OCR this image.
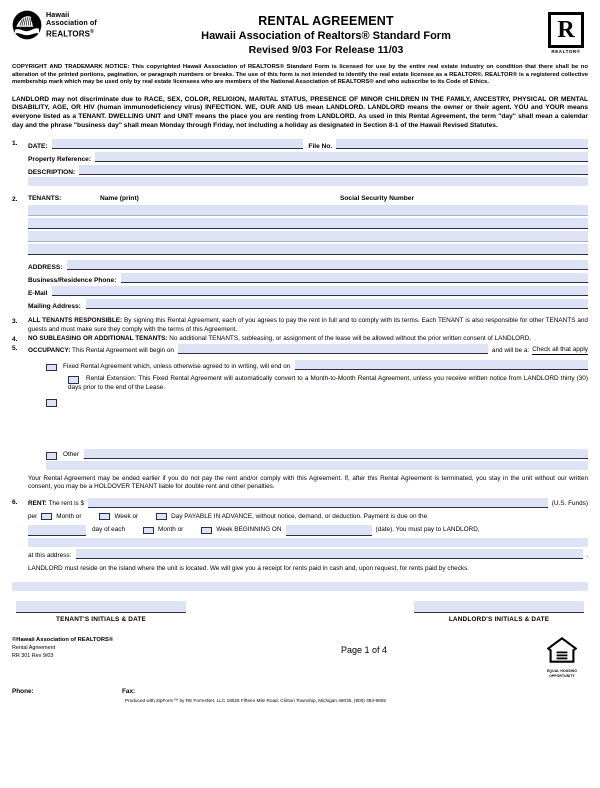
Hawaii
Association of
REALTORS®
RENTAL AGREEMENT
Hawaii Association of Realtors® Standard Form
Revised 9/03 For Release 11/03
R
REALTOR®
COPYRIGHT AND TRADEMARK NOTICE: This copyrighted Hawaii Association of REALTORS® Standard Form is licensed for use by the entire real estate industry on condition that there shall be no alteration of the printed portions, pagination, or paragraph numbers or breaks. The use of this form is not intended to identify the real estate licensee as a REALTOR®. REALTOR® is a registered collective membership mark which may be used only by real estate licensees who are members of the National Association of REALTORS® and who subscribe to its Code of Ethics.
LANDLORD may not discriminate due to RACE, SEX, COLOR, RELIGION, MARITAL STATUS, PRESENCE OF MINOR CHILDREN IN THE FAMILY, ANCESTRY, PHYSICAL OR MENTAL DISABILITY, AGE, OR HIV (human immunodeficiency virus) INFECTION. WE, OUR AND US mean LANDLORD. LANDLORD means the owner or their agent. YOU and YOUR means everyone listed as a TENANT. DWELLING UNIT and UNIT means the place you are renting from LANDLORD. As used in this Rental Agreement, the term "day" shall mean a calendar day and the phrase "business day" shall mean Monday through Friday, not including a holiday as designated in Section 8-1 of the Hawaii Revised Statutes.
1.	DATE:	File No.
Property Reference:
DESCRIPTION:
2.	TENANTS:	Name (print)	Social Security Number
ADDRESS:
Business/Residence Phone:
E-Mail
Mailing Address:
3.	ALL TENANTS RESPONSIBLE: By signing this Rental Agreement, each of you agrees to pay the rent in full and to comply with its terms. Each TENANT is also responsible for other TENANTS and guests and must make sure they comply with the terms of this Agreement.
4.	NO SUBLEASING OR ADDITIONAL TENANTS: No additional TENANTS, subleasing, or assignment of the lease will be allowed without the prior written consent of LANDLORD.
5.	OCCUPANCY: This Rental Agreement will begin on	and will be a: Check all that apply
Fixed Rental Agreement which, unless otherwise agreed to in writing, will end on
Rental Extension: This Fixed Rental Agreement will automatically convert to a Month-to-Month Rental Agreement, unless you receive written notice from LANDLORD thirty (30) days prior to the end of the Lease.
Other
Your Rental Agreement may be ended earlier if you do not pay the rent and/or comply with this Agreement. If, after this Rental Agreement is terminated, you stay in the unit without our written consent, you may be a HOLDOVER TENANT liable for double rent and other penalties.
6.	RENT: The rent is $	(U.S. Funds)
per	Month or	Week or	Day PAYABLE IN ADVANCE, without notice, demand, or deduction. Payment is due on the
day of each	Month or	Week BEGINNING ON	(date). You must pay to LANDLORD,
at this address:	.
LANDLORD must reside on the island where the unit is located. We will give you a receipt for rents paid in cash and, upon request, for rents paid by checks.
TENANT'S INITIALS & DATE	LANDLORD'S INITIALS & DATE
©Hawaii Association of REALTORS®
Rental Agreement
RR 301 Rev 9/03
Page 1 of 4
EQUAL HOUSING
OPPORTUNITY
Phone:	Fax:
Produced with ZipForm™ by RE FormsNet, LLC 18025 Fifteen Mile Road, Clinton Township, Michigan 48035, (800) 383-9805
